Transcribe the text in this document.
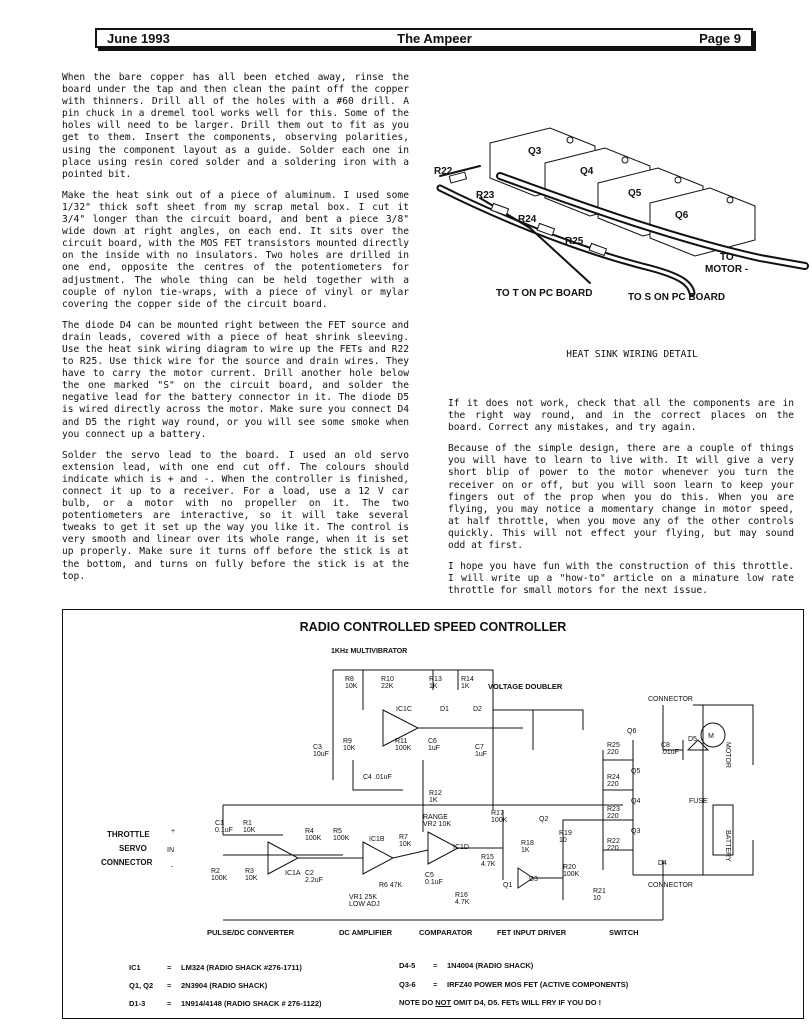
June 1993	The Ampeer	Page 9

When the bare copper has all been etched away, rinse the board under the tap and then clean the paint off the copper with thinners. Drill all of the holes with a #60 drill. A pin chuck in a dremel tool works well for this. Some of the holes will need to be larger. Drill them out to fit as you get to them. Insert the components, observing polarities, using the component layout as a guide. Solder each one in place using resin cored solder and a soldering iron with a pointed bit.

Make the heat sink out of a piece of aluminum. I used some 1/32" thick soft sheet from my scrap metal box. I cut it 3/4" longer than the circuit board, and bent a piece 3/8" wide down at right angles, on each end. It sits over the circuit board, with the MOS FET transistors mounted directly on the inside with no insulators. Two holes are drilled in one end, opposite the centres of the potentiometers for adjustment. The whole thing can be held together with a couple of nylon tie-wraps, with a piece of vinyl or mylar covering the copper side of the circuit board.

The diode D4 can be mounted right between the FET source and drain leads, covered with a piece of heat shrink sleeving. Use the heat sink wiring diagram to wire up the FETs and R22 to R25. Use thick wire for the source and drain wires. They have to carry the motor current. Drill another hole below the one marked "S" on the circuit board, and solder the negative lead for the battery connector in it. The diode D5 is wired directly across the motor. Make sure you connect D4 and D5 the right way round, or you will see some smoke when you connect up a battery.

Solder the servo lead to the board. I used an old servo extension lead, with one end cut off. The colours should indicate which is + and -. When the controller is finished, connect it up to a receiver. For a load, use a 12 V car bulb, or a motor with no propeller on it. The two potentiometers are interactive, so it will take several tweaks to get it set up the way you like it. The control is very smooth and linear over its whole range, when it is set up properly. Make sure it turns off before the stick is at the bottom, and turns on fully before the stick is at the top.

Q3
Q4
Q5
Q6
R22
R23
R24
R25
TO
MOTOR -
TO T ON PC BOARD	TO S ON PC BOARD
HEAT SINK WIRING DETAIL

If it does not work, check that all the components are in the right way round, and in the correct places on the board. Correct any mistakes, and try again.

Because of the simple design, there are a couple of things you will have to learn to live with. It will give a very short blip of power to the motor whenever you turn the receiver on or off, but you will soon learn to keep your fingers out of the prop when you do this. When you are flying, you may notice a momentary change in motor speed, at half throttle, when you move any of the other controls quickly. This will not effect your flying, but may sound odd at first.

I hope you have fun with the construction of this throttle. I will write up a "how-to" article on a minature low rate throttle for small motors for the next issue.

RADIO CONTROLLED SPEED CONTROLLER
M
1KHz MULTIVIBRATOR
VOLTAGE DOUBLER
CONNECTOR
CONNECTOR
MOTOR
FUSE
BATTERY
THROTTLE
SERVO
CONNECTOR
+
IN
-
R8
10K
R10
22K
R13
1K
R14
1K
IC1C	D1	D2
R9
10K
R11
100K
C3
10uF
C4 .01uF
C6
1uF	C7
1uF
R12
1K
RANGE
VR2 10K
R17
100K	Q2
R19
10
R18
1K
D3
R20
100K
R21
10
C1
0.1uF
R1
10K
R2
100K
R3
10K
IC1A
R4
100K
R5
100K	IC1B
C2
2.2uF
R6 47K
VR1 25K
LOW ADJ
R7
10K	IC1D
C5
0.1uF
R15
4.7K
R16
4.7K
Q1
Q6
Q5
Q4
Q3
R25
220
R24
220
R23
220
R22
220
C8
.01uF
D5
D4
PULSE/DC CONVERTER	DC AMPLIFIER	COMPARATOR	FET INPUT DRIVER	SWITCH
IC1	= LM324 (RADIO SHACK #276-1711)
Q1, Q2 = 2N3904 (RADIO SHACK)
D1-3	= 1N914/4148 (RADIO SHACK # 276-1122)
D4-5 = 1N4004 (RADIO SHACK)
Q3-6 = IRFZ40 POWER MOS FET (ACTIVE COMPONENTS)
NOTE DO NOT OMIT D4, D5. FETs WILL FRY IF YOU DO !
